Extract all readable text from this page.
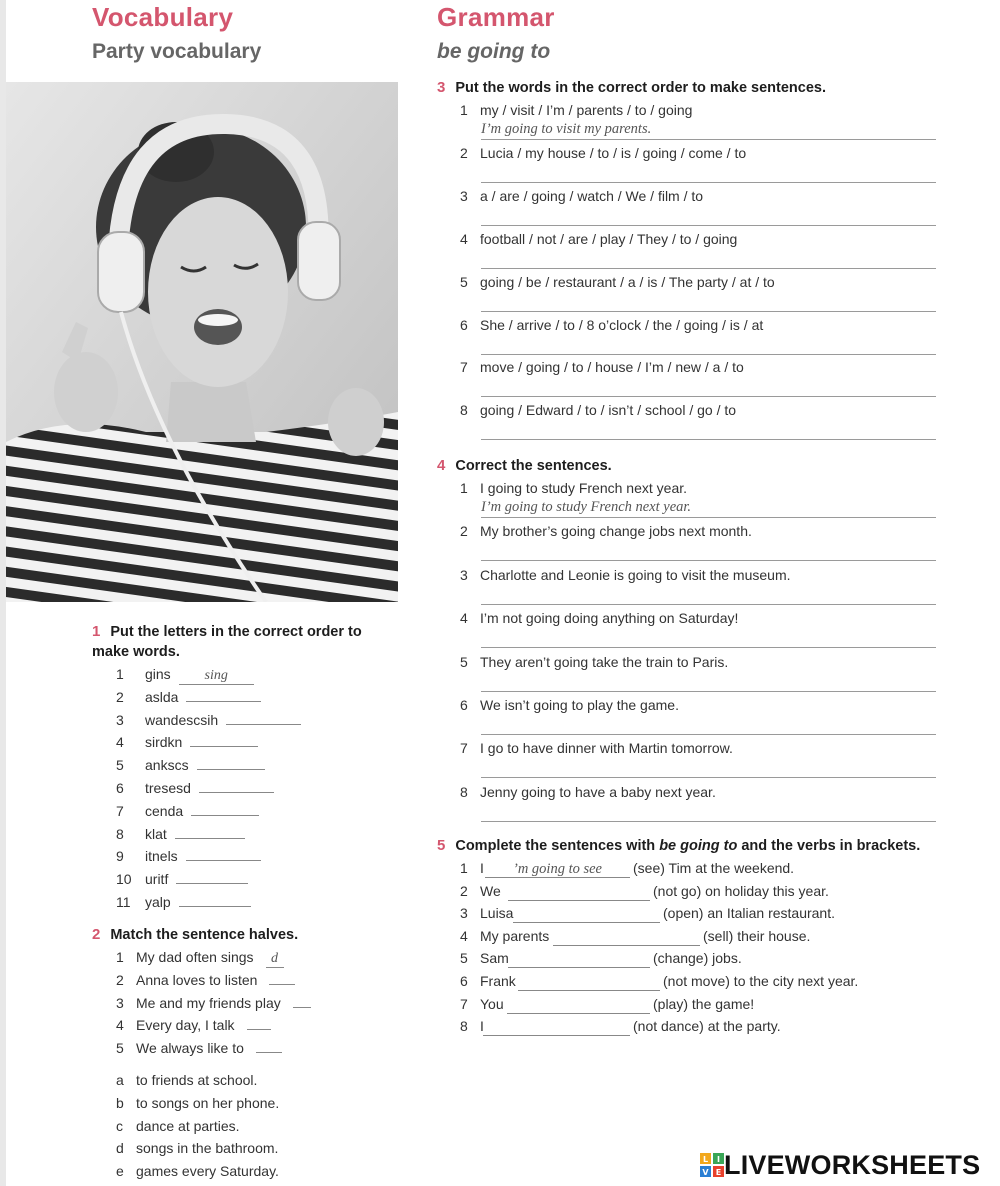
Vocabulary
Party vocabulary
Grammar
be going to
1 Put the letters in the correct order to
make words.
1 gins sing
2 aslda
3 wandescsih
4 sirdkn
5 ankscs
6 tresesd
7 cenda
8 klat
9 itnels
10 uritf
11 yalp
2 Match the sentence halves.
1 My dad often sings d
2 Anna loves to listen
3 Me and my friends play
4 Every day, I talk
5 We always like to
a to friends at school.
b to songs on her phone.
c dance at parties.
d songs in the bathroom.
e games every Saturday.
3 Put the words in the correct order to make sentences.
1 my / visit / I’m / parents / to / going
I’m going to visit my parents.
2 Lucia / my house / to / is / going / come / to
3 a / are / going / watch / We / film / to
4 football / not / are / play / They / to / going
5 going / be / restaurant / a / is / The party / at / to
6 She / arrive / to / 8 o’clock / the / going / is / at
7 move / going / to / house / I’m / new / a / to
8 going / Edward / to / isn’t / school / go / to
4 Correct the sentences.
1 I going to study French next year.
I’m going to study French next year.
2 My brother’s going change jobs next month.
3 Charlotte and Leonie is going to visit the museum.
4 I’m not going doing anything on Saturday!
5 They aren’t going take the train to Paris.
6 We isn’t going to play the game.
7 I go to have dinner with Martin tomorrow.
8 Jenny going to have a baby next year.
5 Complete the sentences with be going to and the verbs in brackets.
1 I	’m going to see	(see) Tim at the weekend.
2 We	(not go) on holiday this year.
3 Luisa	(open) an Italian restaurant.
4 My parents	(sell) their house.
5 Sam	(change) jobs.
6 Frank	(not move) to the city next year.
7 You	(play) the game!
8 I	(not dance) at the party.
L I
V E LIVEWORKSHEETS
